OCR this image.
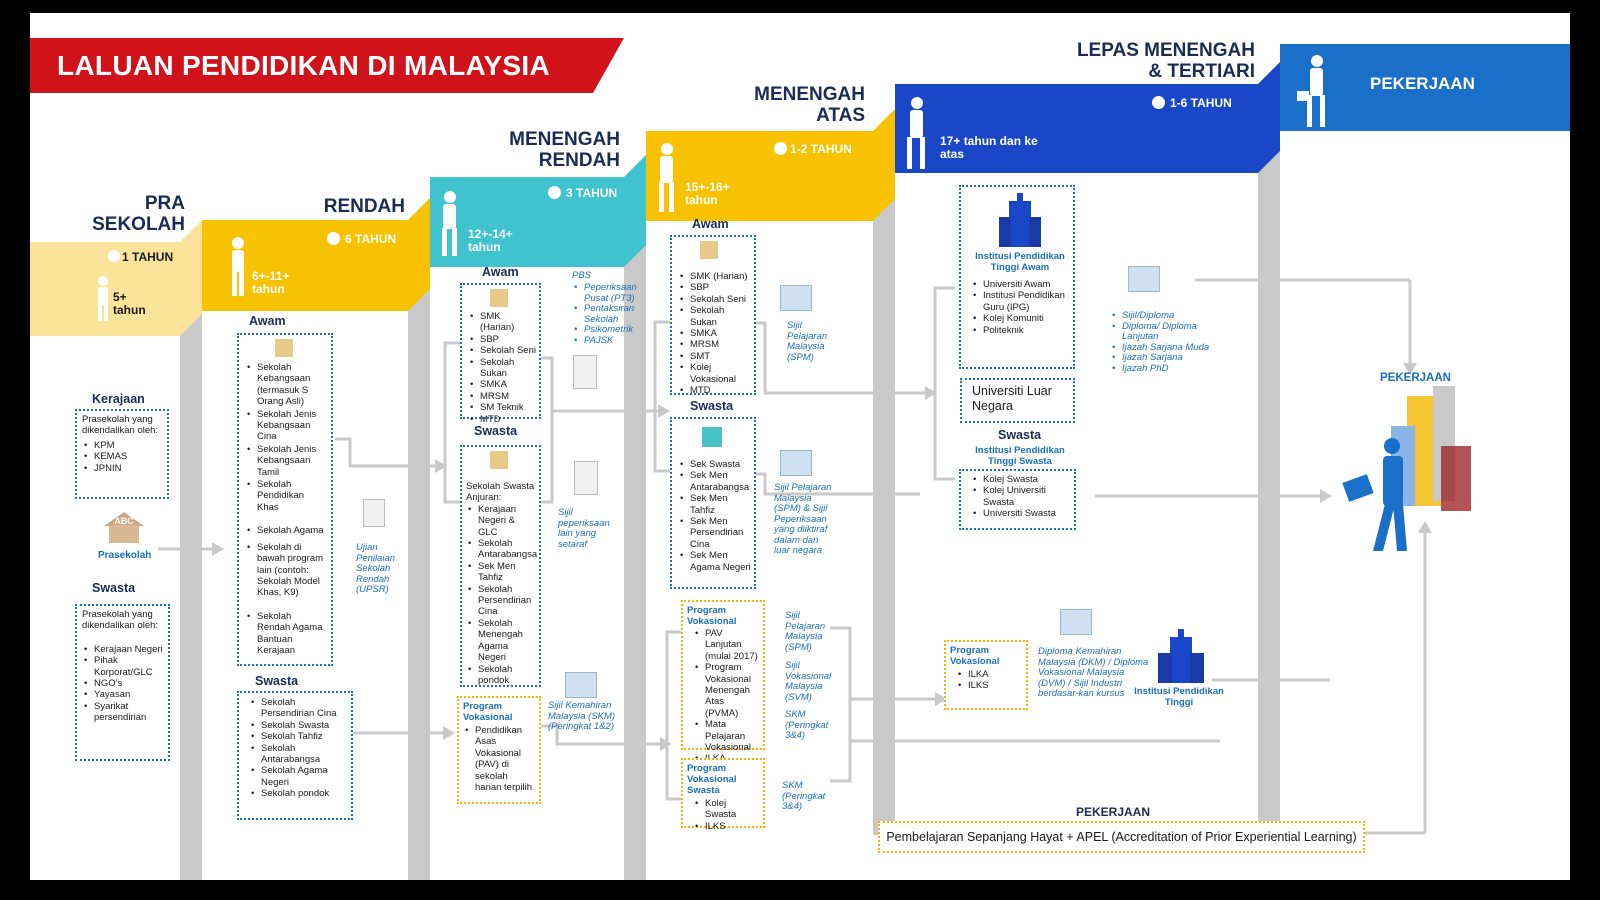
LALUAN PENDIDIKAN DI MALAYSIA
PRA
SEKOLAH
RENDAH
MENENGAH
RENDAH
MENENGAH
ATAS
LEPAS MENENGAH
& TERTIARI
PEKERJAAN
1 TAHUN
6 TAHUN
3 TAHUN
1-2 TAHUN
1-6 TAHUN
5+
tahun
6+-11+
tahun
12+-14+
tahun
15+-16+
tahun
17+ tahun dan ke
atas
Kerajaan
Prasekolah yang dikendalikan oleh:
• KPM
• KEMAS
• JPNIN
ABC
Prasekolah
Swasta
Prasekolah yang dikendalikan oleh:
• Kerajaan Negeri
• Pihak Korporat/GLC
• NGO's
• Yayasan
• Syarikat persendirian
Awam
• Sekolah Kebangsaan (termasuk S Orang Asli)
• Sekolah Jenis Kebangsaan Cina
• Sekolah Jenis Kebangsaan Tamil
• Sekolah Pendidikan Khas
• Sekolah Agama
• Sekolah di bawah program lain (contoh: Sekolah Model Khas, K9)
• Sekolah Rendah Agama Bantuan Kerajaan
Swasta
• Sekolah Persendirian Cina
• Sekolah Swasta
• Sekolah Tahfiz
• Sekolah Antarabangsa
• Sekolah Agama Negeri
• Sekolah pondok
Ujian Penilaian Sekolah Rendah (UPSR)
Awam
• SMK (Harian)
• SBP
• Sekolah Seni
• Sekolah Sukan
• SMKA
• MRSM
• SM Teknik
• MTD
PBS
• Peperiksaan Pusat (PT3)
• Pentaksiran Sekolah
• Psikometrik
• PAJSK
Swasta
Sekolah Swasta Anjuran:
• Kerajaan Negeri & GLC
• Sekolah Antarabangsa
• Sek Men Tahfiz
• Sekolah Persendirian Cina
• Sekolah Menengah Agama Negeri
• Sekolah pondok
Sijil peperiksaan lain yang setaraf
Program Vokasional
• Pendidikan Asas Vokasional (PAV) di sekolah harian terpilih
Sijil Kemahiran Malaysia (SKM) (Peringkat 1&2)
Awam
• SMK (Harian)
• SBP
• Sekolah Seni
• Sekolah Sukan
• SMKA
• MRSM
• SMT
• Kolej Vokasional
• MTD
Sijil Pelajaran Malaysia (SPM)
Swasta
• Sek Swasta
• Sek Men Antarabangsa
• Sek Men Tahfiz
• Sek Men Persendirian Cina
• Sek Men Agama Negeri
Sijil Pelajaran Malaysia (SPM) & Sijil Peperiksaan yang diiktiraf dalam dan luar negara
Program Vokasional
• PAV Lanjutan (mulai 2017)
• Program Vokasional Menengah Atas (PVMA)
• Mata Pelajaran Vokasional
•
Program Vokasional Swasta
• Kolej Swasta
• ILKS
Sijil Pelajaran Malaysia (SPM)
Sijil Vokasional Malaysia (SVM)
SKM (Peringkat 3&4)
SKM (Peringkat 3&4)
Institusi Pendidikan Tinggi Awam
• Universiti Awam
• Institusi Pendidikan Guru (IPG)
• Kolej Komuniti
• Politeknik
Universiti Luar Negara
Swasta
Institusi Pendidikan Tinggi Swasta
• Kolej Swasta
• Kolej Universiti Swasta
• Universiti Swasta
• Sijil/Diploma
• Diploma/ Diploma Lanjutan
• Ijazah Sarjana Muda
• Ijazah Sarjana
• Ijazah PhD
Program Vokasional
• ILKA
• ILKS
Diploma Kemahiran Malaysia (DKM) / Diploma Vokasional Malaysia (DVM) / Sijil Industri berdasar-kan kursus	Institusi Pendidikan Tinggi
PEKERJAAN
PEKERJAAN
Pembelajaran Sepanjang Hayat + APEL (Accreditation of Prior Experiential Learning)
